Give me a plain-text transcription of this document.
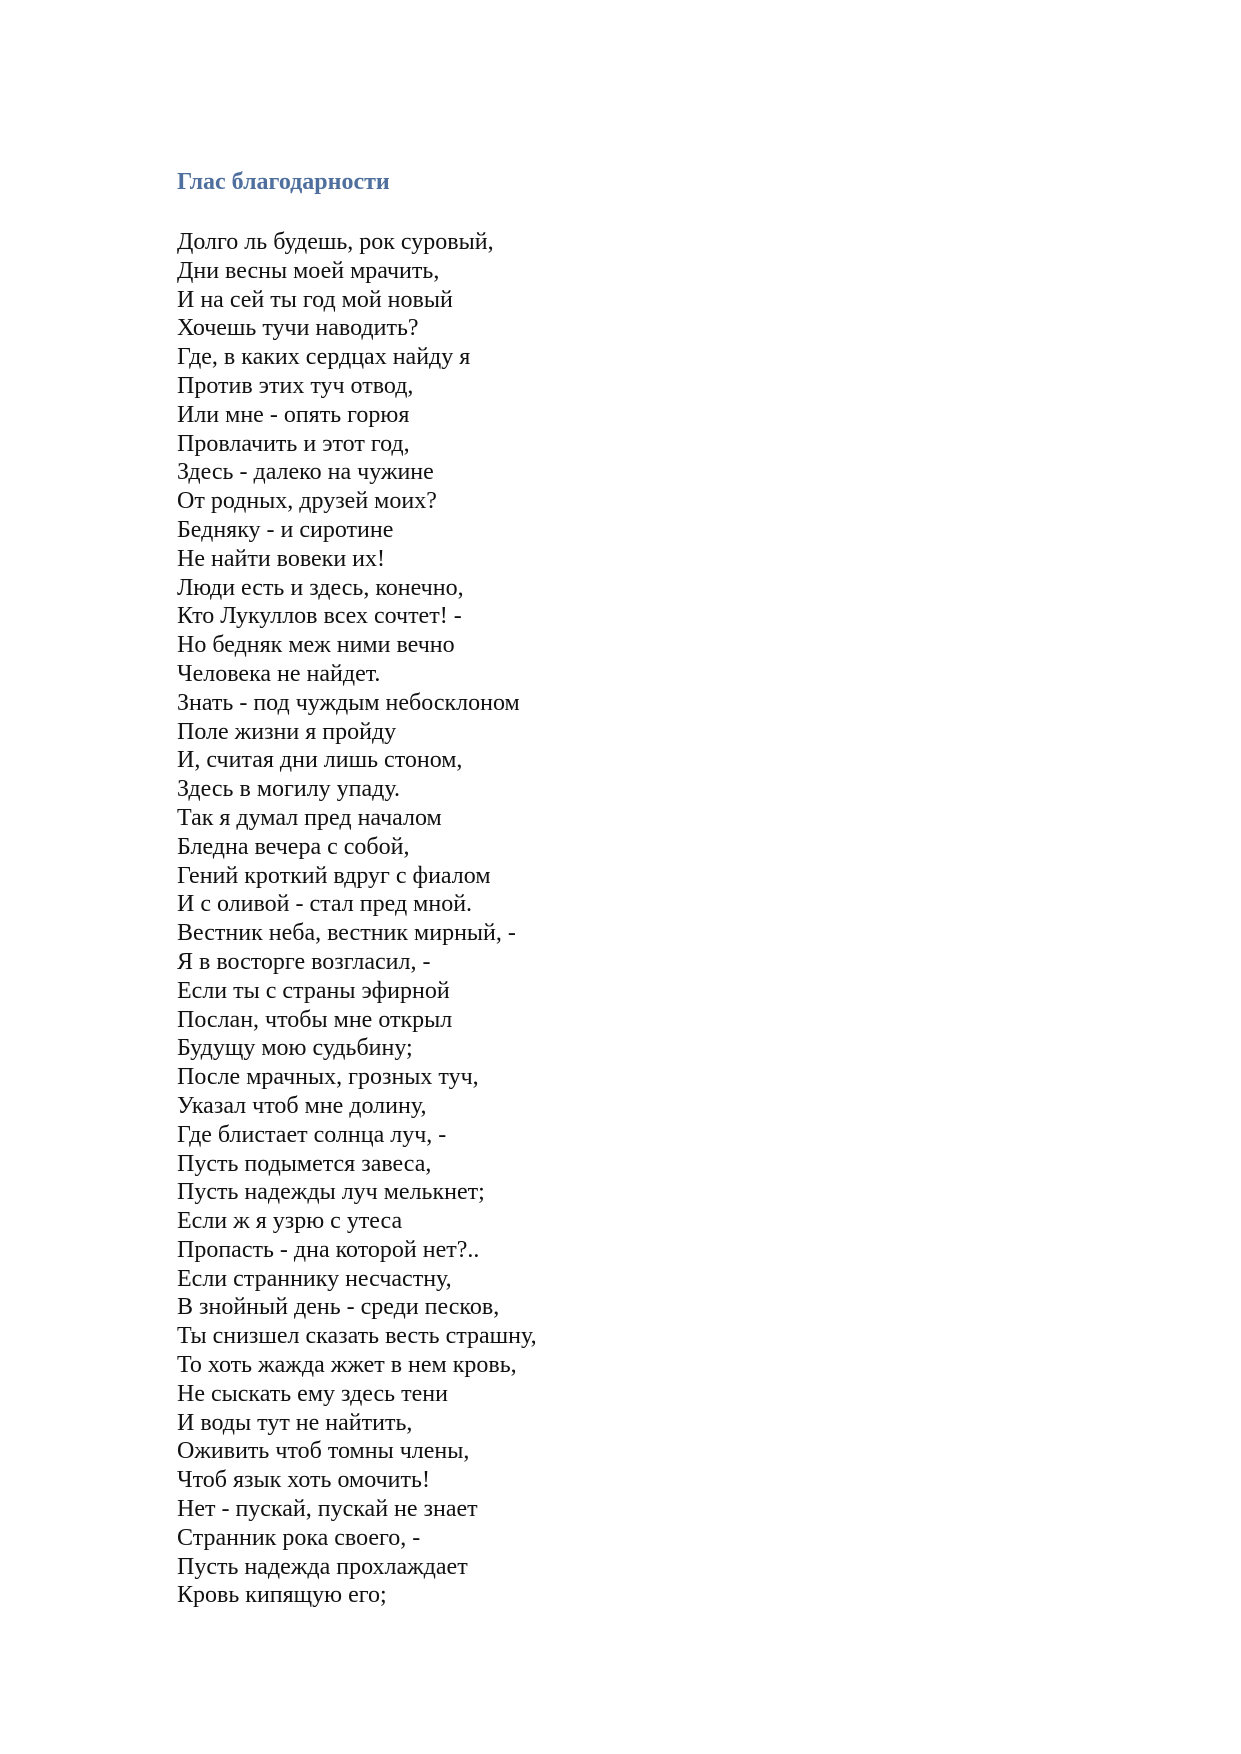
Глас благодарности
Долго ль будешь, рок суровый,
Дни весны моей мрачить,
И на сей ты год мой новый
Хочешь тучи наводить?
Где, в каких сердцах найду я
Против этих туч отвод,
Или мне - опять горюя
Провлачить и этот год,
Здесь - далеко на чужине
От родных, друзей моих?
Бедняку - и сиротине
Не найти вовеки их!
Люди есть и здесь, конечно,
Кто Лукуллов всех сочтет! -
Но бедняк меж ними вечно
Человека не найдет.
Знать - под чуждым небосклоном
Поле жизни я пройду
И, считая дни лишь стоном,
Здесь в могилу упаду.
Так я думал пред началом
Бледна вечера с собой,
Гений кроткий вдруг с фиалом
И с оливой - стал пред мной.
Вестник неба, вестник мирный, -
Я в восторге возгласил, -
Если ты с страны эфирной
Послан, чтобы мне открыл
Будущу мою судьбину;
После мрачных, грозных туч,
Указал чтоб мне долину,
Где блистает солнца луч, -
Пусть подымется завеса,
Пусть надежды луч мелькнет;
Если ж я узрю с утеса
Пропасть - дна которой нет?..
Если страннику несчастну,
В знойный день - среди песков,
Ты снизшел сказать весть страшну,
То хоть жажда жжет в нем кровь,
Не сыскать ему здесь тени
И воды тут не найтить,
Оживить чтоб томны члены,
Чтоб язык хоть омочить!
Нет - пускай, пускай не знает
Странник рока своего, -
Пусть надежда прохлаждает
Кровь кипящую его;
